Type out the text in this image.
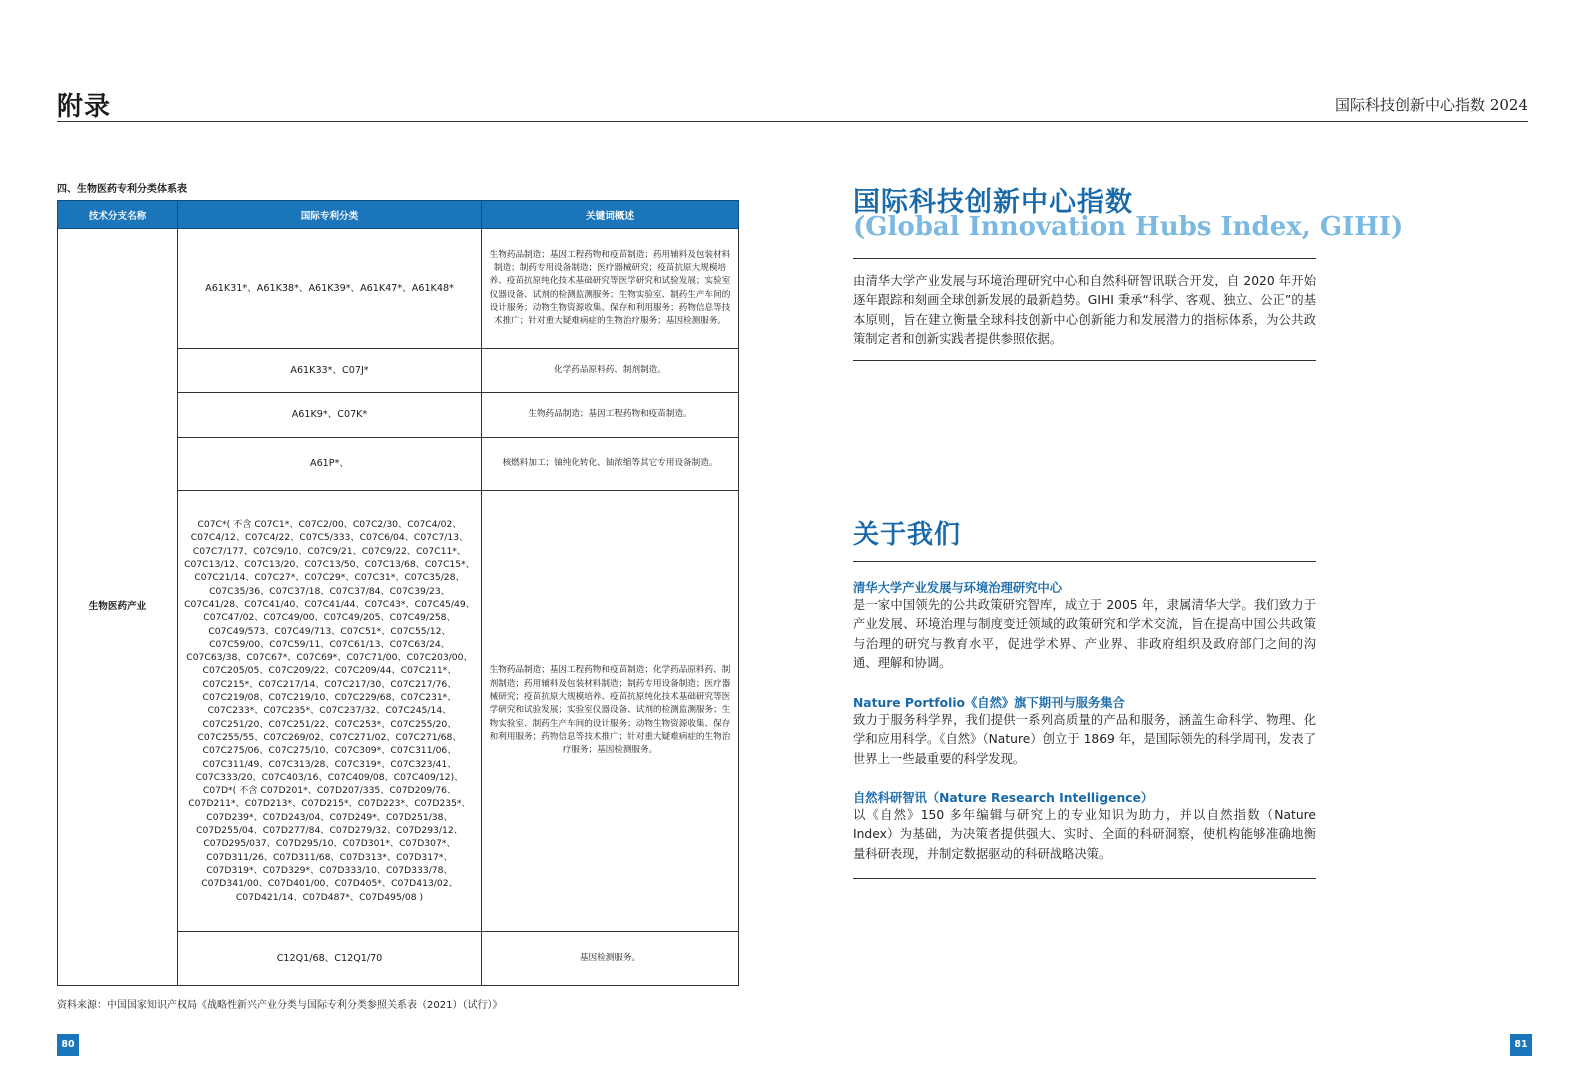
附录	国际科技创新中心指数 2024
四、生物医药专利分类体系表
技术分支名称	国际专利分类	关键词概述
生物医药产业	A61K31*、A61K38*、A61K39*、A61K47*、A61K48*	生物药品制造；基因工程药物和疫苗制造；药用辅料及包装材料制造；制药专用设备制造；医疗器械研究；疫苗抗原大规模培养、疫苗抗原纯化技术基础研究等医学研究和试验发展；实验室仪器设备、试剂的检测监测服务；生物实验室、制药生产车间的设计服务；动物生物资源收集、保存和利用服务；药物信息等技术推广；针对重大疑难病症的生物治疗服务；基因检测服务。
	A61K33*、C07J*	化学药品原料药、制剂制造。
	A61K9*、C07K*	生物药品制造；基因工程药物和疫苗制造。
	A61P*、	核燃料加工；铀纯化转化、铀浓缩等其它专用设备制造。
	C07C*( 不含 C07C1*、C07C2/00、C07C2/30、C07C4/02、C07C4/12、C07C4/22、C07C5/333、C07C6/04、C07C7/13、C07C7/177、C07C9/10、C07C9/21、C07C9/22、C07C11*、C07C13/12、C07C13/20、C07C13/50、C07C13/68、C07C15*、C07C21/14、C07C27*、C07C29*、C07C31*、C07C35/28、C07C35/36、C07C37/18、C07C37/84、C07C39/23、C07C41/28、C07C41/40、C07C41/44、C07C43*、C07C45/49、C07C47/02、C07C49/00、C07C49/205、C07C49/258、C07C49/573、C07C49/713、C07C51*、C07C55/12、C07C59/00、C07C59/11、C07C61/13、C07C63/24、C07C63/38、C07C67*、C07C69*、C07C71/00、C07C203/00、C07C205/05、C07C209/22、C07C209/44、C07C211*、C07C215*、C07C217/14、C07C217/30、C07C217/76、C07C219/08、C07C219/10、C07C229/68、C07C231*、C07C233*、C07C235*、C07C237/32、C07C245/14、C07C251/20、C07C251/22、C07C253*、C07C255/20、C07C255/55、C07C269/02、C07C271/02、C07C271/68、C07C275/06、C07C275/10、C07C309*、C07C311/06、C07C311/49、C07C313/28、C07C319*、C07C323/41、C07C333/20、C07C403/16、C07C409/08、C07C409/12)、C07D*( 不含 C07D201*、C07D207/335、C07D209/76、C07D211*、C07D213*、C07D215*、C07D223*、C07D235*、C07D239*、C07D243/04、C07D249*、C07D251/38、C07D255/04、C07D277/84、C07D279/32、C07D293/12、C07D295/037、C07D295/10、C07D301*、C07D307*、C07D311/26、C07D311/68、C07D313*、C07D317*、C07D319*、C07D329*、C07D333/10、C07D333/78、C07D341/00、C07D401/00、C07D405*、C07D413/02、C07D421/14、C07D487*、C07D495/08 )	生物药品制造；基因工程药物和疫苗制造；化学药品原料药、制剂制造；药用辅料及包装材料制造；制药专用设备制造；医疗器械研究；疫苗抗原大规模培养、疫苗抗原纯化技术基础研究等医学研究和试验发展；实验室仪器设备、试剂的检测监测服务；生物实验室、制药生产车间的设计服务；动物生物资源收集、保存和利用服务；药物信息等技术推广；针对重大疑难病症的生物治疗服务；基因检测服务。
	C12Q1/68、C12Q1/70	基因检测服务。
资料来源：中国国家知识产权局《战略性新兴产业分类与国际专利分类参照关系表（2021）（试行）》
80
国际科技创新中心指数
(Global Innovation Hubs Index, GIHI)
由清华大学产业发展与环境治理研究中心和自然科研智讯联合开发，自 2020 年开始逐年跟踪和刻画全球创新发展的最新趋势。GIHI 秉承“科学、客观、独立、公正”的基本原则，旨在建立衡量全球科技创新中心创新能力和发展潜力的指标体系，为公共政策制定者和创新实践者提供参照依据。
关于我们
清华大学产业发展与环境治理研究中心
是一家中国领先的公共政策研究智库，成立于 2005 年，隶属清华大学。我们致力于产业发展、环境治理与制度变迁领域的政策研究和学术交流，旨在提高中国公共政策与治理的研究与教育水平，促进学术界、产业界、非政府组织及政府部门之间的沟通、理解和协调。
Nature Portfolio《自然》旗下期刊与服务集合
致力于服务科学界，我们提供一系列高质量的产品和服务，涵盖生命科学、物理、化学和应用科学。《自然》（Nature）创立于 1869 年，是国际领先的科学周刊，发表了世界上一些最重要的科学发现。
自然科研智讯（Nature Research Intelligence）
以《自然》150 多年编辑与研究上的专业知识为助力，并以自然指数（Nature Index）为基础，为决策者提供强大、实时、全面的科研洞察，使机构能够准确地衡量科研表现，并制定数据驱动的科研战略决策。
81
